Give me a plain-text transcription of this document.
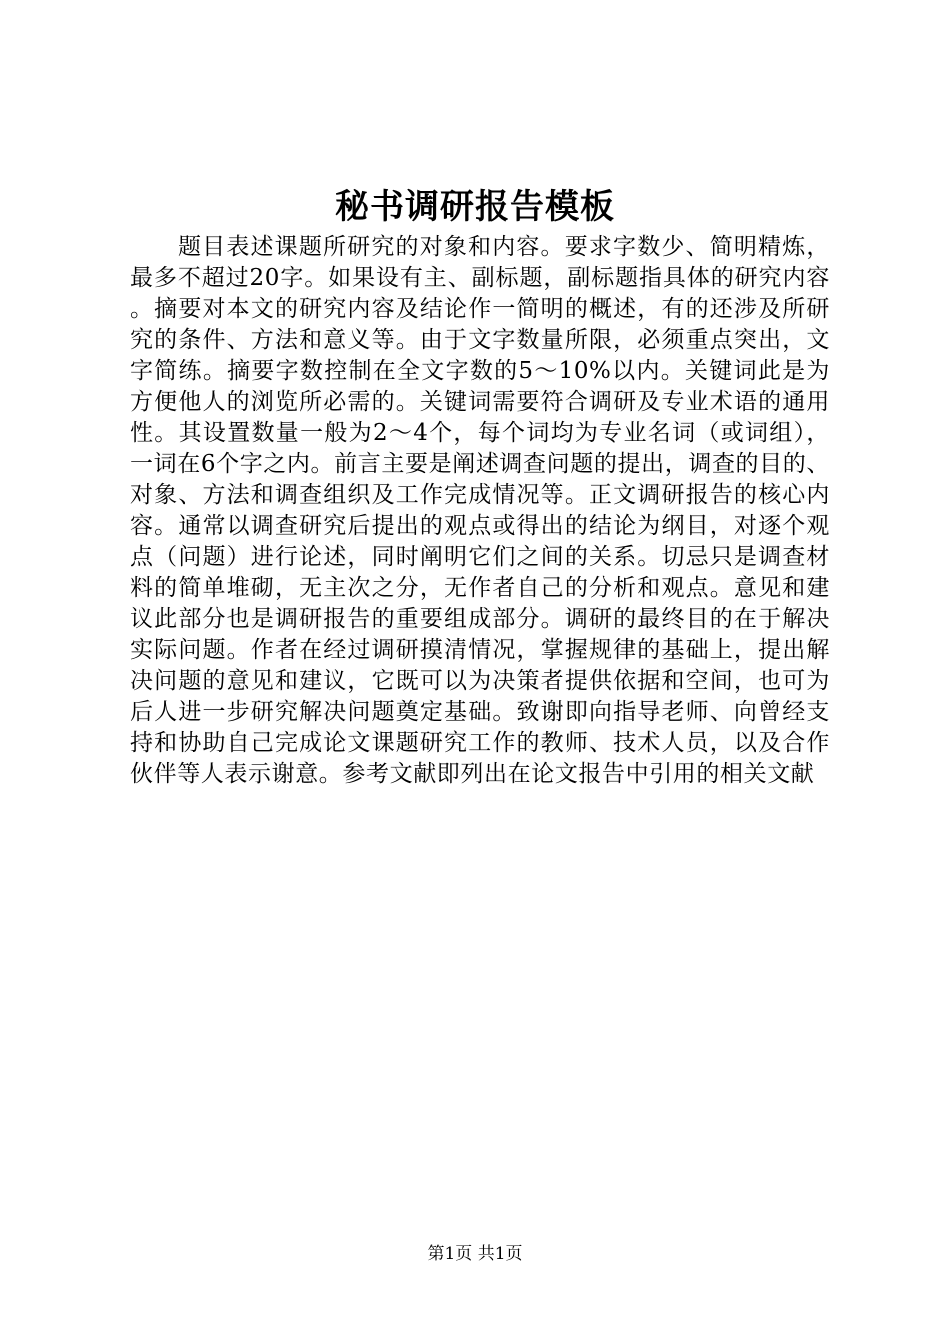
秘书调研报告模板

题目表述课题所研究的对象和内容。要求字数少、简明精炼，最多不超过20字。如果设有主、副标题，副标题指具体的研究内容。摘要对本文的研究内容及结论作一简明的概述，有的还涉及所研究的条件、方法和意义等。由于文字数量所限，必须重点突出，文字简练。摘要字数控制在全文字数的5～10%以内。关键词此是为方便他人的浏览所必需的。关键词需要符合调研及专业术语的通用性。其设置数量一般为2～4个，每个词均为专业名词（或词组），一词在6个字之内。前言主要是阐述调查问题的提出，调查的目的、对象、方法和调查组织及工作完成情况等。正文调研报告的核心内容。通常以调查研究后提出的观点或得出的结论为纲目，对逐个观点（问题）进行论述，同时阐明它们之间的关系。切忌只是调查材料的简单堆砌，无主次之分，无作者自己的分析和观点。意见和建议此部分也是调研报告的重要组成部分。调研的最终目的在于解决实际问题。作者在经过调研摸清情况，掌握规律的基础上，提出解决问题的意见和建议，它既可以为决策者提供依据和空间，也可为后人进一步研究解决问题奠定基础。致谢即向指导老师、向曾经支持和协助自己完成论文课题研究工作的教师、技术人员，以及合作伙伴等人表示谢意。参考文献即列出在论文报告中引用的相关文献

第1页 共1页
